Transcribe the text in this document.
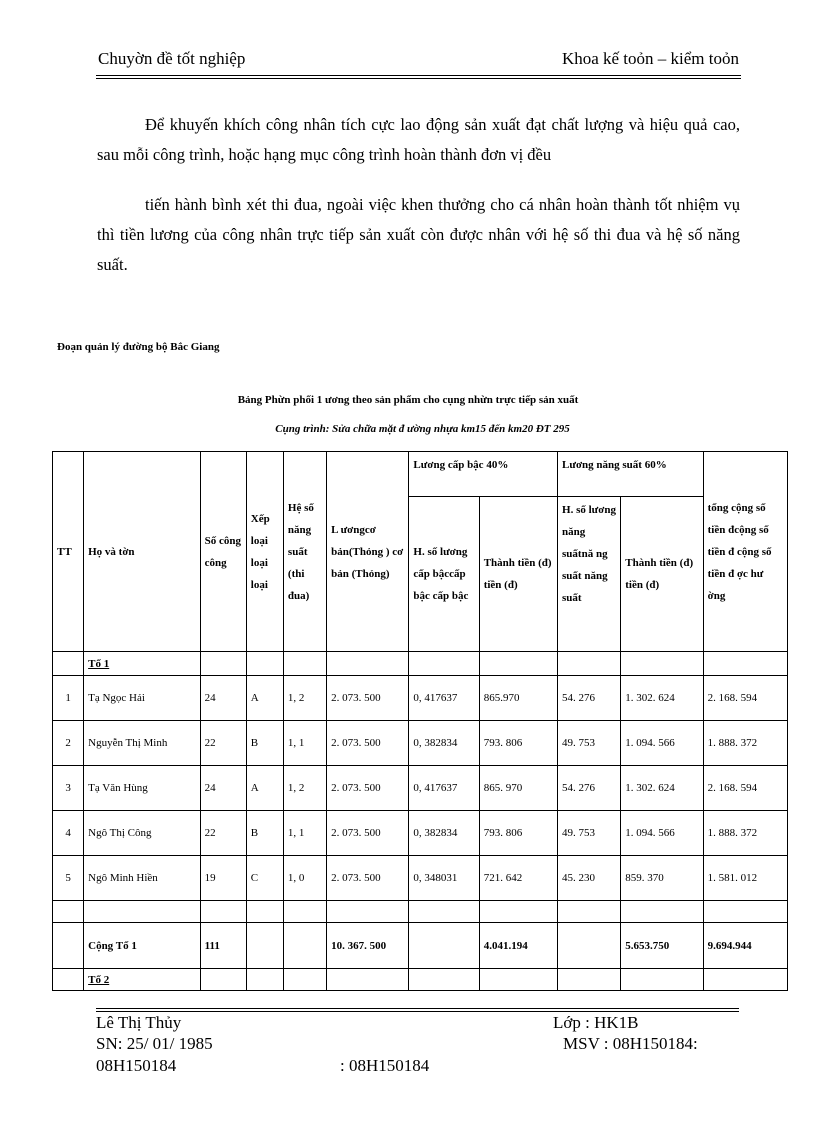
Chuyờn đề tốt nghiệp	Khoa kế toỏn – kiểm toỏn
Để khuyến khích công nhân tích cực lao động sản xuất đạt chất lượng và hiệu quả cao, sau mỗi công trình, hoặc hạng mục công trình hoàn thành đơn vị đều
tiến hành bình xét thi đua, ngoài việc khen thưởng cho cá nhân hoàn thành tốt nhiệm vụ thì tiền lương của công nhân trực tiếp sản xuất còn được nhân với hệ số thi đua và hệ số năng suất.
Đoạn quản lý đường bộ Bắc Giang
Bảng Phừn phối 1 ương theo sản phẩm cho cụng nhừn trực tiếp sản xuất
Cụng trình: Sửa chữa mặt đ ường nhựa km15 đến km20 ĐT 295
TT	Họ và tờn	Số công công	Xếp loại loại loại	Hệ số năng suất (thi đua)	L ươngcơ bản(Thỏng ) cơ bản (Thỏng)	Lương cấp bậc 40%		Lương năng suất 60%		tổng cộng số tiền đcộng số tiền đ cộng số tiền đ ợc hư ờng
						H. số lương cấp bậccấp bậc cấp bậc	Thành tiền (đ) tiền (đ)	H. số lương năng suấtnă ng suất năng suất	Thành tiền (đ) tiền (đ)	
	Tổ 1									
1	Tạ Ngọc Hải	24	A	1, 2	2. 073. 500	0, 417637	865.970	54. 276	1. 302. 624	2. 168. 594
2	Nguyễn Thị Minh	22	B	1, 1	2. 073. 500	0, 382834	793. 806	49. 753	1. 094. 566	1. 888. 372
3	Tạ Văn Hùng	24	A	1, 2	2. 073. 500	0, 417637	865. 970	54. 276	1. 302. 624	2. 168. 594
4	Ngô Thị Công	22	B	1, 1	2. 073. 500	0, 382834	793. 806	49. 753	1. 094. 566	1. 888. 372
5	Ngô Minh Hiền	19	C	1, 0	2. 073. 500	0, 348031	721. 642	45. 230	859. 370	1. 581. 012

	Cộng Tổ 1	111			10. 367. 500		4.041.194		5.653.750	9.694.944
	Tổ 2									
Lê Thị Thủy	Lớp : HK1B
SN: 25/ 01/ 1985	MSV : 08H150184:
08H150184	: 08H150184
